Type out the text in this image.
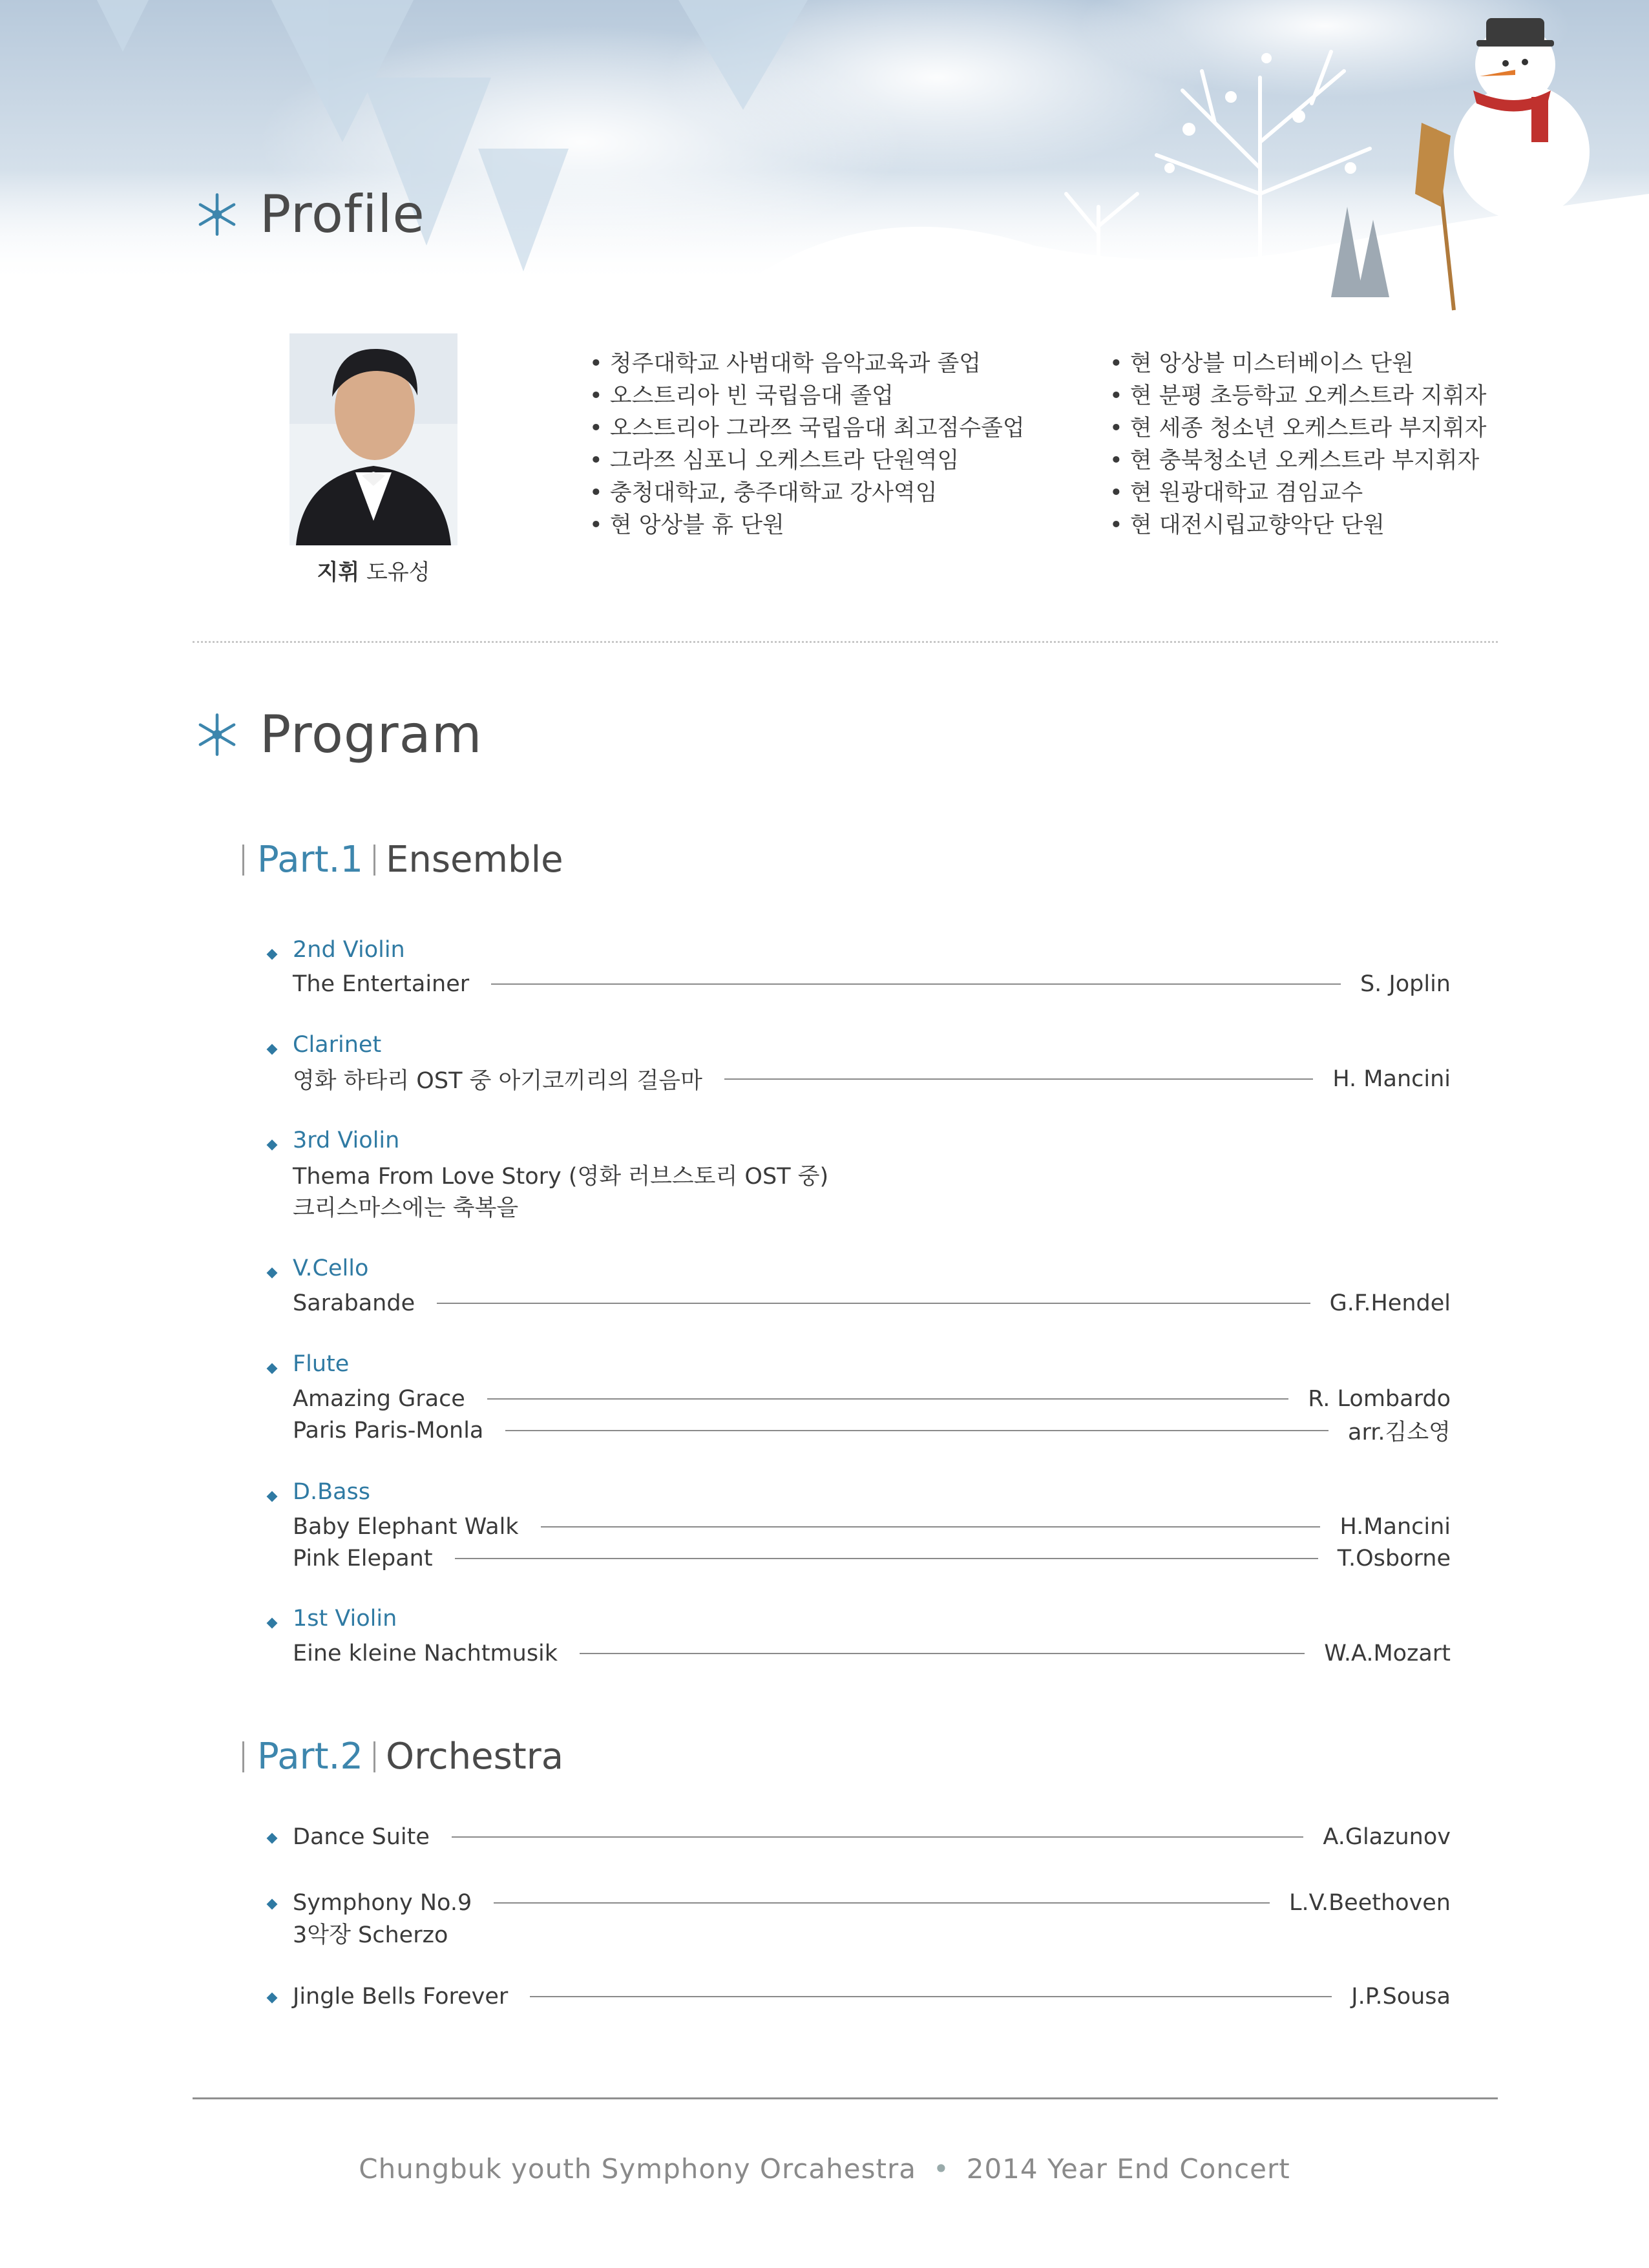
Profile
지휘 도유성
• 청주대학교 사범대학 음악교육과 졸업
• 오스트리아 빈 국립음대 졸업
• 오스트리아 그라쯔 국립음대 최고점수졸업
• 그라쯔 심포니 오케스트라 단원역임
• 충청대학교, 충주대학교 강사역임
• 현 앙상블 휴 단원
• 현 앙상블 미스터베이스 단원
• 현 분평 초등학교 오케스트라 지휘자
• 현 세종 청소년 오케스트라 부지휘자
• 현 충북청소년 오케스트라 부지휘자
• 현 원광대학교 겸임교수
• 현 대전시립교향악단 단원
Program
Part.1 Ensemble
2nd Violin
The Entertainer	S. Joplin
Clarinet
영화 하타리 OST 중 아기코끼리의 걸음마	H. Mancini
3rd Violin
Thema From Love Story (영화 러브스토리 OST 중)
크리스마스에는 축복을
V.Cello
Sarabande	G.F.Hendel
Flute
Amazing Grace	R. Lombardo
Paris Paris-Monla	arr.김소영
D.Bass
Baby Elephant Walk	H.Mancini
Pink Elepant	T.Osborne
1st Violin
Eine kleine Nachtmusik	W.A.Mozart
Part.2 Orchestra
Dance Suite	A.Glazunov
Symphony No.9	L.V.Beethoven
3악장 Scherzo
Jingle Bells Forever	J.P.Sousa
Chungbuk youth Symphony Orcahestra • 2014 Year End Concert
